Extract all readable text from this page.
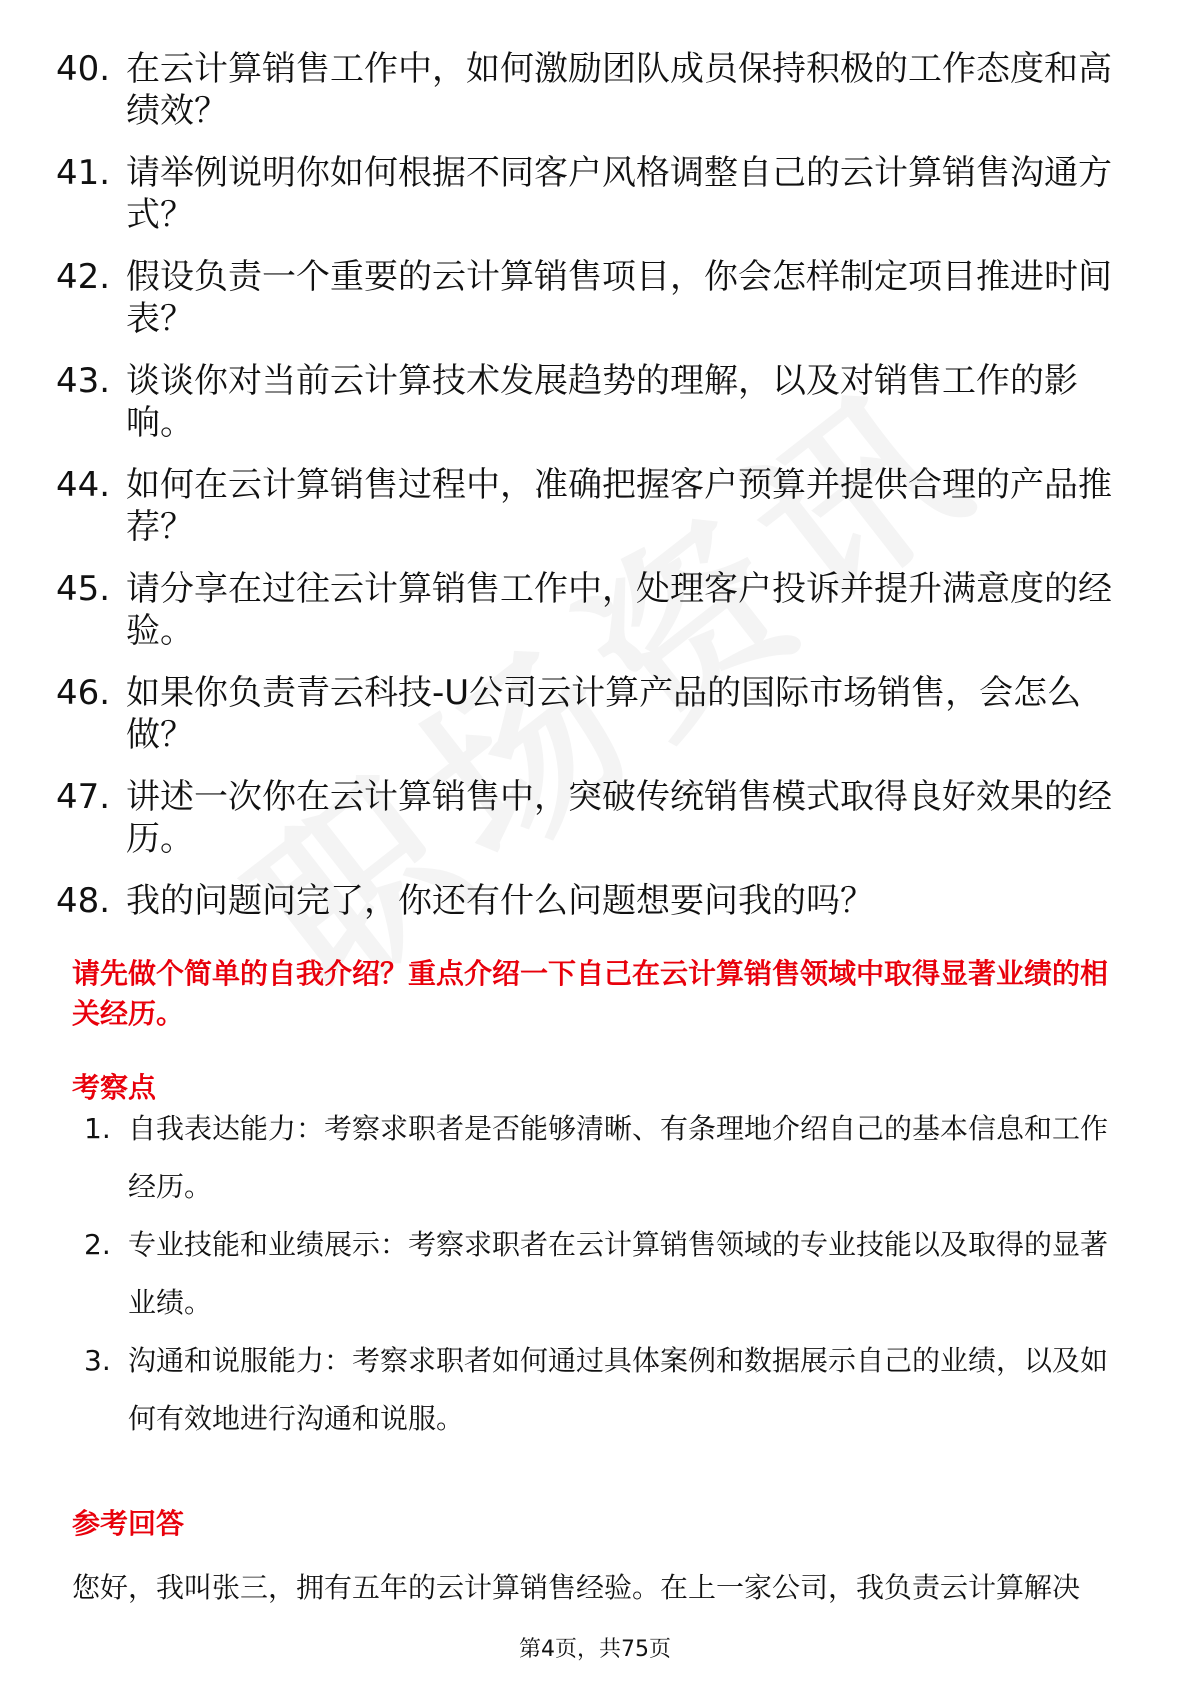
40. 在云计算销售工作中，如何激励团队成员保持积极的工作态度和高绩效？
41. 请举例说明你如何根据不同客户风格调整自己的云计算销售沟通方式？
42. 假设负责一个重要的云计算销售项目，你会怎样制定项目推进时间表？
43. 谈谈你对当前云计算技术发展趋势的理解，以及对销售工作的影响。
44. 如何在云计算销售过程中，准确把握客户预算并提供合理的产品推荐？
45. 请分享在过往云计算销售工作中，处理客户投诉并提升满意度的经验。
46. 如果你负责青云科技-U公司云计算产品的国际市场销售，会怎么做？
47. 讲述一次你在云计算销售中，突破传统销售模式取得良好效果的经历。
48. 我的问题问完了，你还有什么问题想要问我的吗？
请先做个简单的自我介绍？重点介绍一下自己在云计算销售领域中取得显著业绩的相关经历。
考察点
1. 自我表达能力：考察求职者是否能够清晰、有条理地介绍自己的基本信息和工作经历。
2. 专业技能和业绩展示：考察求职者在云计算销售领域的专业技能以及取得的显著业绩。
3. 沟通和说服能力：考察求职者如何通过具体案例和数据展示自己的业绩，以及如何有效地进行沟通和说服。
参考回答
您好，我叫张三，拥有五年的云计算销售经验。在上一家公司，我负责云计算解决
第4页，共75页
